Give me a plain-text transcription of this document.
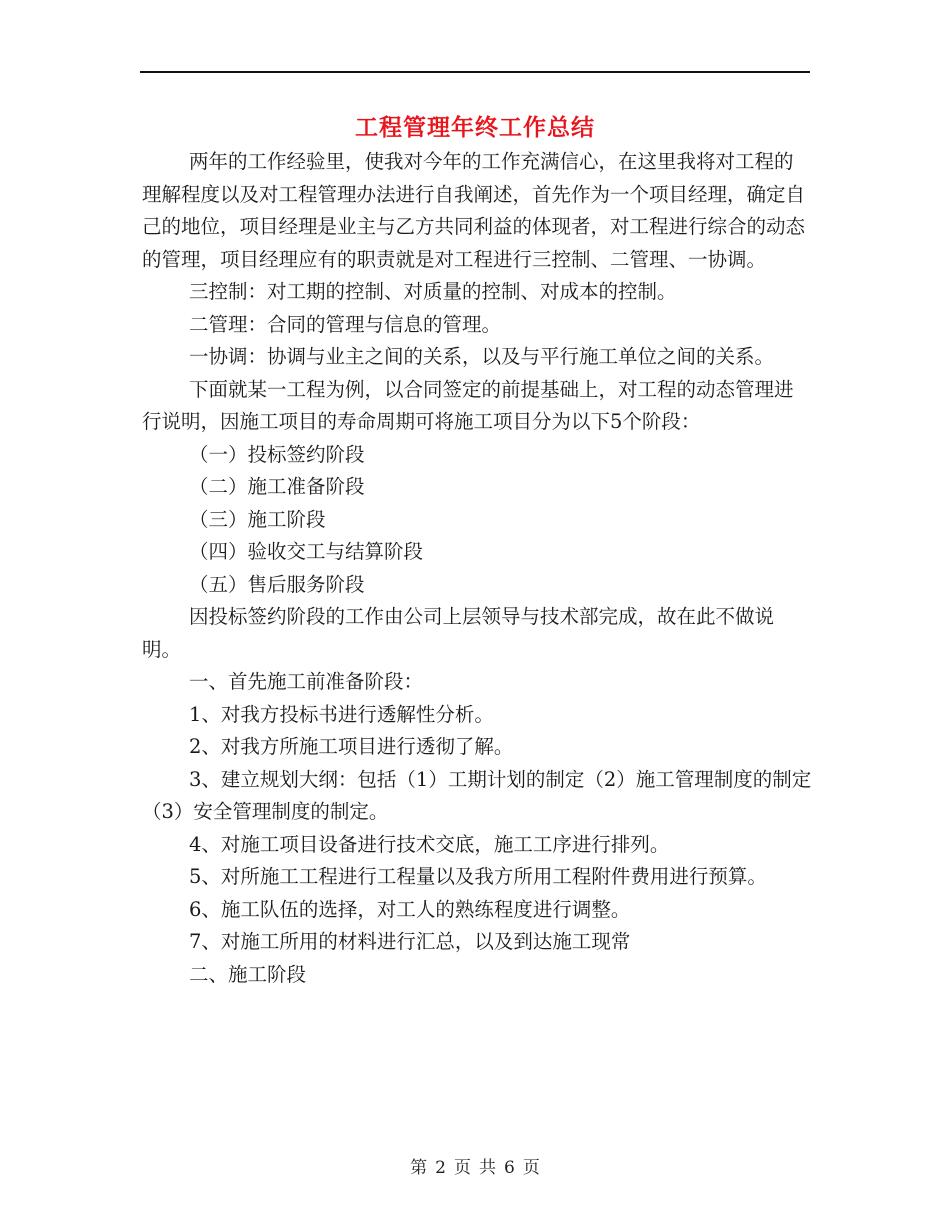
工程管理年终工作总结

两年的工作经验里，使我对今年的工作充满信心，在这里我将对工程的理解程度以及对工程管理办法进行自我阐述，首先作为一个项目经理，确定自己的地位，项目经理是业主与乙方共同利益的体现者，对工程进行综合的动态的管理，项目经理应有的职责就是对工程进行三控制、二管理、一协调。

三控制：对工期的控制、对质量的控制、对成本的控制。

二管理：合同的管理与信息的管理。

一协调：协调与业主之间的关系，以及与平行施工单位之间的关系。

下面就某一工程为例，以合同签定的前提基础上，对工程的动态管理进行说明，因施工项目的寿命周期可将施工项目分为以下5个阶段：

（一）投标签约阶段

（二）施工准备阶段

（三）施工阶段

（四）验收交工与结算阶段

（五）售后服务阶段

因投标签约阶段的工作由公司上层领导与技术部完成，故在此不做说明。

一、首先施工前准备阶段：

1、对我方投标书进行透解性分析。

2、对我方所施工项目进行透彻了解。

3、建立规划大纲：包括（1）工期计划的制定（2）施工管理制度的制定（3）安全管理制度的制定。

4、对施工项目设备进行技术交底，施工工序进行排列。

5、对所施工工程进行工程量以及我方所用工程附件费用进行预算。

6、施工队伍的选择，对工人的熟练程度进行调整。

7、对施工所用的材料进行汇总，以及到达施工现常

二、施工阶段

第 2 页 共 6 页
